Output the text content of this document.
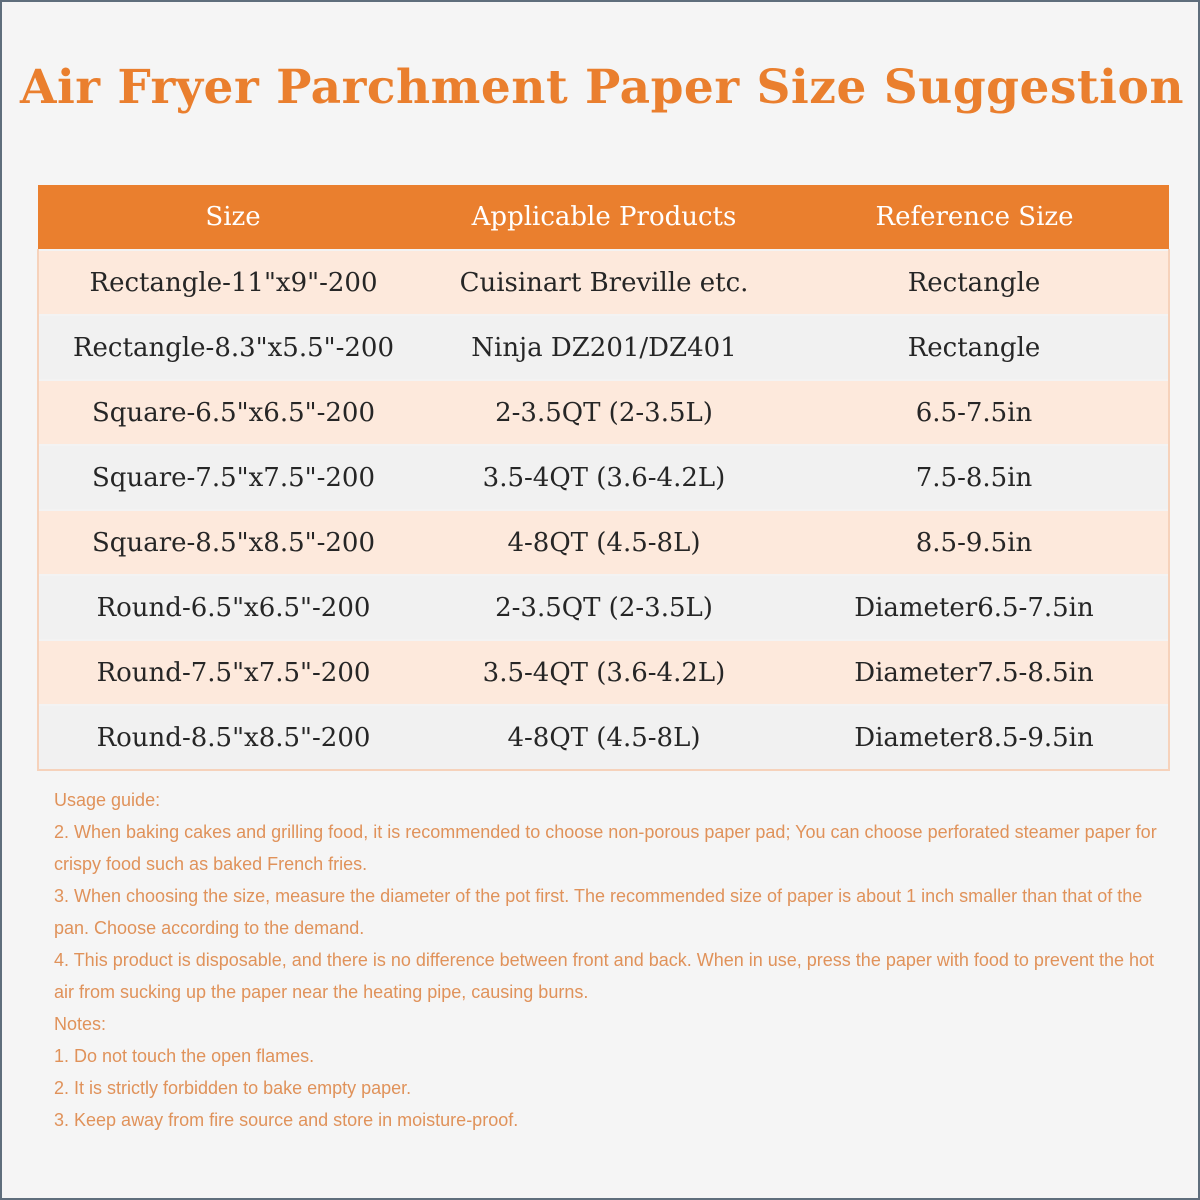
Air Fryer Parchment Paper Size Suggestion
Size	Applicable Products	Reference Size
Rectangle-11"x9"-200	Cuisinart Breville etc.	Rectangle
Rectangle-8.3"x5.5"-200	Ninja DZ201/DZ401	Rectangle
Square-6.5"x6.5"-200	2-3.5QT (2-3.5L)	6.5-7.5in
Square-7.5"x7.5"-200	3.5-4QT (3.6-4.2L)	7.5-8.5in
Square-8.5"x8.5"-200	4-8QT (4.5-8L)	8.5-9.5in
Round-6.5"x6.5"-200	2-3.5QT (2-3.5L)	Diameter6.5-7.5in
Round-7.5"x7.5"-200	3.5-4QT (3.6-4.2L)	Diameter7.5-8.5in
Round-8.5"x8.5"-200	4-8QT (4.5-8L)	Diameter8.5-9.5in

Usage guide:

2. When baking cakes and grilling food, it is recommended to choose non-porous paper pad; You can choose perforated steamer paper for crispy food such as baked French fries.

3. When choosing the size, measure the diameter of the pot first. The recommended size of paper is about 1 inch smaller than that of the pan. Choose according to the demand.

4. This product is disposable, and there is no difference between front and back. When in use, press the paper with food to prevent the hot air from sucking up the paper near the heating pipe, causing burns.

Notes:

1. Do not touch the open flames.

2. It is strictly forbidden to bake empty paper.

3. Keep away from fire source and store in moisture-proof.
